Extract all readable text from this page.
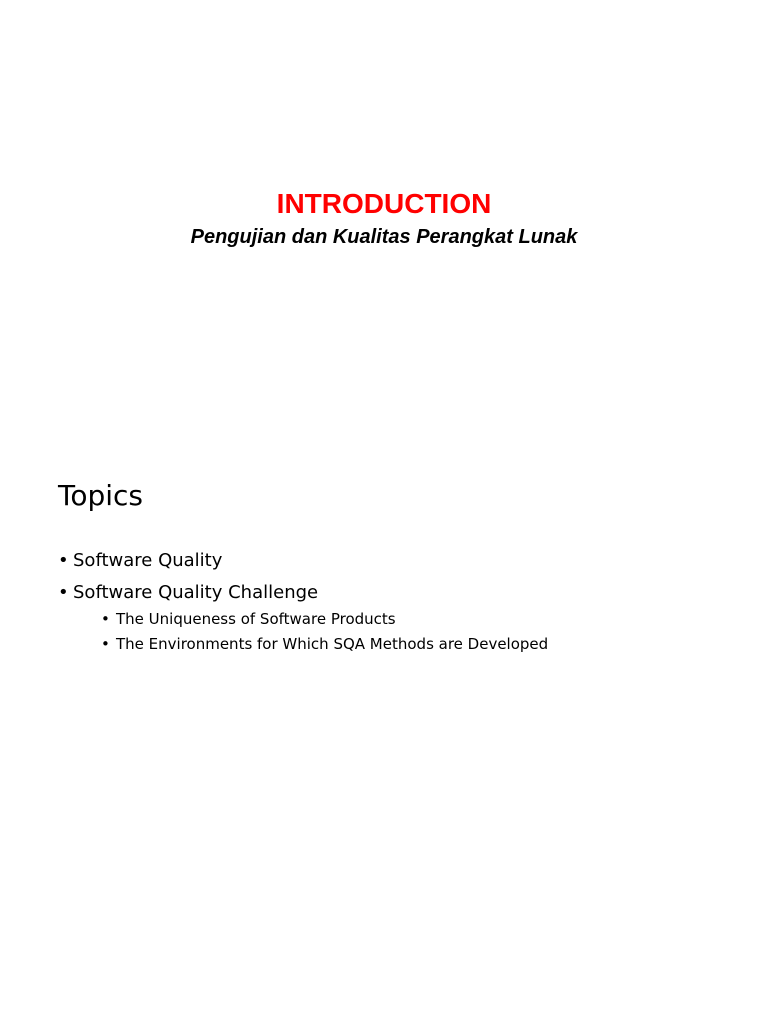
INTRODUCTION
Pengujian dan Kualitas Perangkat Lunak
Topics
• Software Quality
• Software Quality Challenge
• The Uniqueness of Software Products
• The Environments for Which SQA Methods are Developed
